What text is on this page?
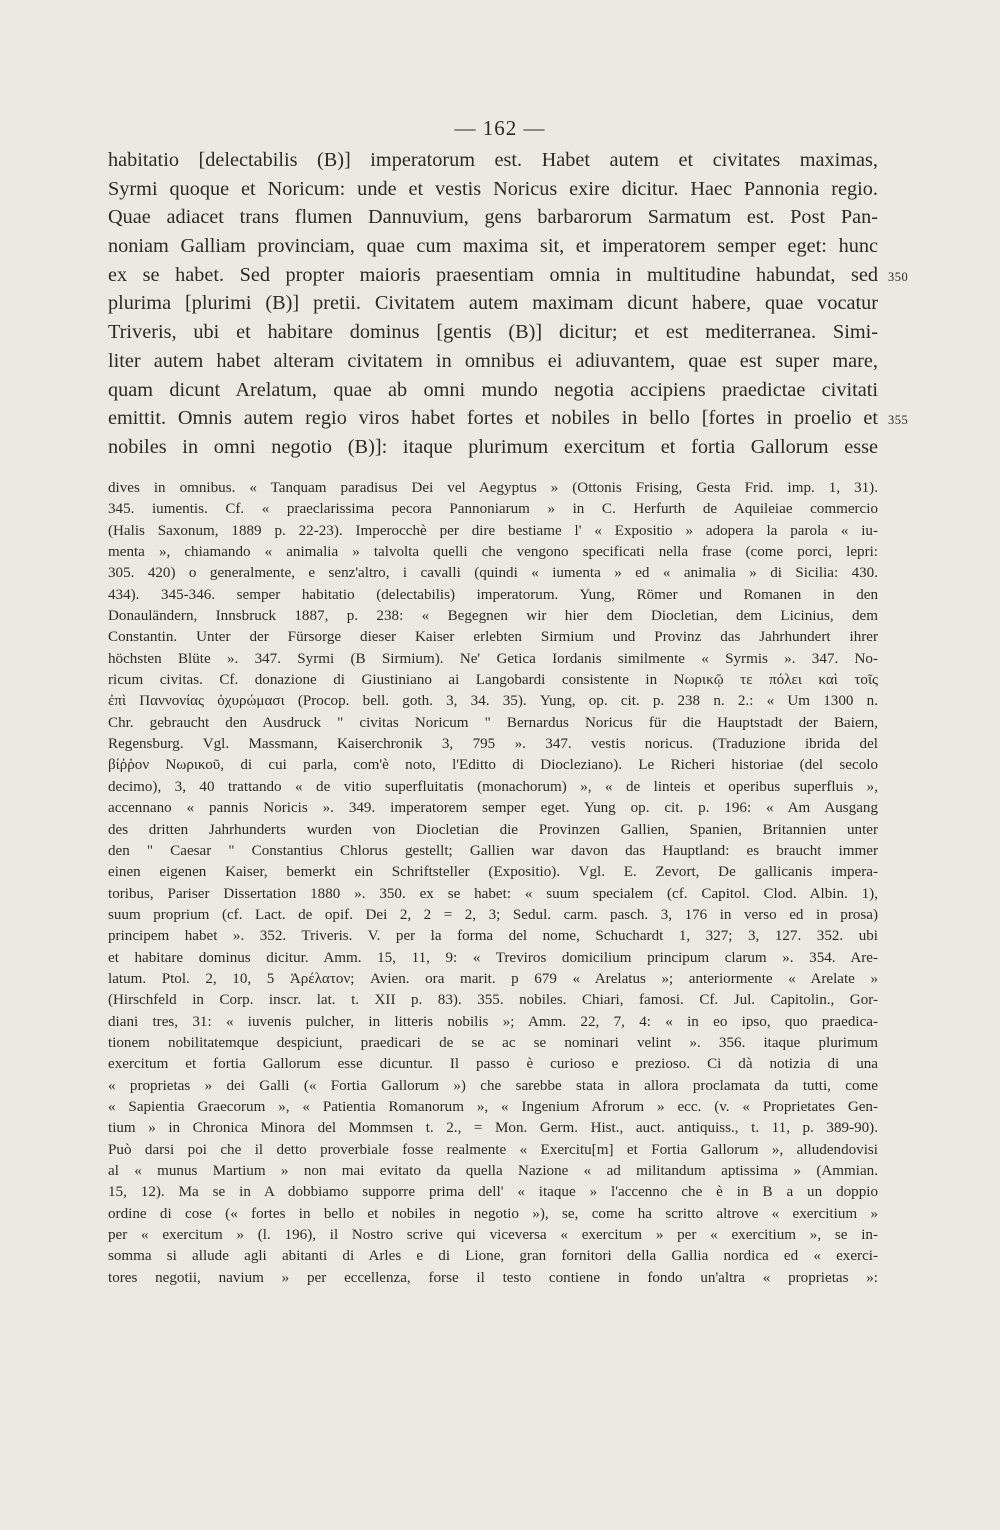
— 162 —
habitatio [delectabilis (B)] imperatorum est. Habet autem et civitates maximas,
Syrmi quoque et Noricum: unde et vestis Noricus exire dicitur. Haec Pannonia regio.
Quae adiacet trans flumen Dannuvium, gens barbarorum Sarmatum est. Post Pan-
noniam Galliam provinciam, quae cum maxima sit, et imperatorem semper eget: hunc
ex se habet. Sed propter maioris praesentiam omnia in multitudine habundat, sed 350
plurima [plurimi (B)] pretii. Civitatem autem maximam dicunt habere, quae vocatur
Triveris, ubi et habitare dominus [gentis (B)] dicitur; et est mediterranea. Simi-
liter autem habet alteram civitatem in omnibus ei adiuvantem, quae est super mare,
quam dicunt Arelatum, quae ab omni mundo negotia accipiens praedictae civitati
emittit. Omnis autem regio viros habet fortes et nobiles in bello [fortes in proelio et 355
nobiles in omni negotio (B)]: itaque plurimum exercitum et fortia Gallorum esse
dives in omnibus. « Tanquam paradisus Dei vel Aegyptus » (Ottonis Frising, Gesta Frid. imp. 1, 31).
345. iumentis. Cf. « praeclarissima pecora Pannoniarum » in C. Herfurth de Aquileiae commercio
(Halis Saxonum, 1889 p. 22-23). Imperocchè per dire bestiame l' « Expositio » adopera la parola « iu-
menta », chiamando « animalia » talvolta quelli che vengono specificati nella frase (come porci, lepri:
305. 420) o generalmente, e senz'altro, i cavalli (quindi « iumenta » ed « animalia » di Sicilia: 430.
434). 345-346. semper habitatio (delectabilis) imperatorum. Yung, Römer und Romanen in den
Donauländern, Innsbruck 1887, p. 238: « Begegnen wir hier dem Diocletian, dem Licinius, dem
Constantin. Unter der Fürsorge dieser Kaiser erlebten Sirmium und Provinz das Jahrhundert ihrer
höchsten Blüte ». 347. Syrmi (B Sirmium). Ne' Getica Iordanis similmente « Syrmis ». 347. No-
ricum civitas. Cf. donazione di Giustiniano ai Langobardi consistente in Νωρικῷ τε πόλει καὶ τοῖς
ἐπὶ Παννονίας ὀχυρώμασι (Procop. bell. goth. 3, 34. 35). Yung, op. cit. p. 238 n. 2.: « Um 1300 n.
Chr. gebraucht den Ausdruck " civitas Noricum " Bernardus Noricus für die Hauptstadt der Baiern,
Regensburg. Vgl. Massmann, Kaiserchronik 3, 795 ». 347. vestis noricus. (Traduzione ibrida del
βίῤῥον Νωρικοῦ, di cui parla, com'è noto, l'Editto di Diocleziano). Le Richeri historiae (del secolo
decimo), 3, 40 trattando « de vitio superfluitatis (monachorum) », « de linteis et operibus superfluis »,
accennano « pannis Noricis ». 349. imperatorem semper eget. Yung op. cit. p. 196: « Am Ausgang
des dritten Jahrhunderts wurden von Diocletian die Provinzen Gallien, Spanien, Britannien unter
den " Caesar " Constantius Chlorus gestellt; Gallien war davon das Hauptland: es braucht immer
einen eigenen Kaiser, bemerkt ein Schriftsteller (Expositio). Vgl. E. Zevort, De gallicanis impera-
toribus, Pariser Dissertation 1880 ». 350. ex se habet: « suum specialem (cf. Capitol. Clod. Albin. 1),
suum proprium (cf. Lact. de opif. Dei 2, 2 = 2, 3; Sedul. carm. pasch. 3, 176 in verso ed in prosa)
principem habet ». 352. Triveris. V. per la forma del nome, Schuchardt 1, 327; 3, 127. 352. ubi
et habitare dominus dicitur. Amm. 15, 11, 9: « Treviros domicilium principum clarum ». 354. Are-
latum. Ptol. 2, 10, 5 Ἀρέλατον; Avien. ora marit. p 679 « Arelatus »; anteriormente « Arelate »
(Hirschfeld in Corp. inscr. lat. t. XII p. 83). 355. nobiles. Chiari, famosi. Cf. Jul. Capitolin., Gor-
diani tres, 31: « iuvenis pulcher, in litteris nobilis »; Amm. 22, 7, 4: « in eo ipso, quo praedica-
tionem nobilitatemque despiciunt, praedicari de se ac se nominari velint ». 356. itaque plurimum
exercitum et fortia Gallorum esse dicuntur. Il passo è curioso e prezioso. Ci dà notizia di una
« proprietas » dei Galli (« Fortia Gallorum ») che sarebbe stata in allora proclamata da tutti, come
« Sapientia Graecorum », « Patientia Romanorum », « Ingenium Afrorum » ecc. (v. « Proprietates Gen-
tium » in Chronica Minora del Mommsen t. 2., = Mon. Germ. Hist., auct. antiquiss., t. 11, p. 389-90).
Può darsi poi che il detto proverbiale fosse realmente « Exercitu[m] et Fortia Gallorum », alludendovisi
al « munus Martium » non mai evitato da quella Nazione « ad militandum aptissima » (Ammian.
15, 12). Ma se in A dobbiamo supporre prima dell' « itaque » l'accenno che è in B a un doppio
ordine di cose (« fortes in bello et nobiles in negotio »), se, come ha scritto altrove « exercitium »
per « exercitum » (l. 196), il Nostro scrive qui viceversa « exercitum » per « exercitium », se in-
somma si allude agli abitanti di Arles e di Lione, gran fornitori della Gallia nordica ed « exerci-
tores negotii, navium » per eccellenza, forse il testo contiene in fondo un'altra « proprietas »:
